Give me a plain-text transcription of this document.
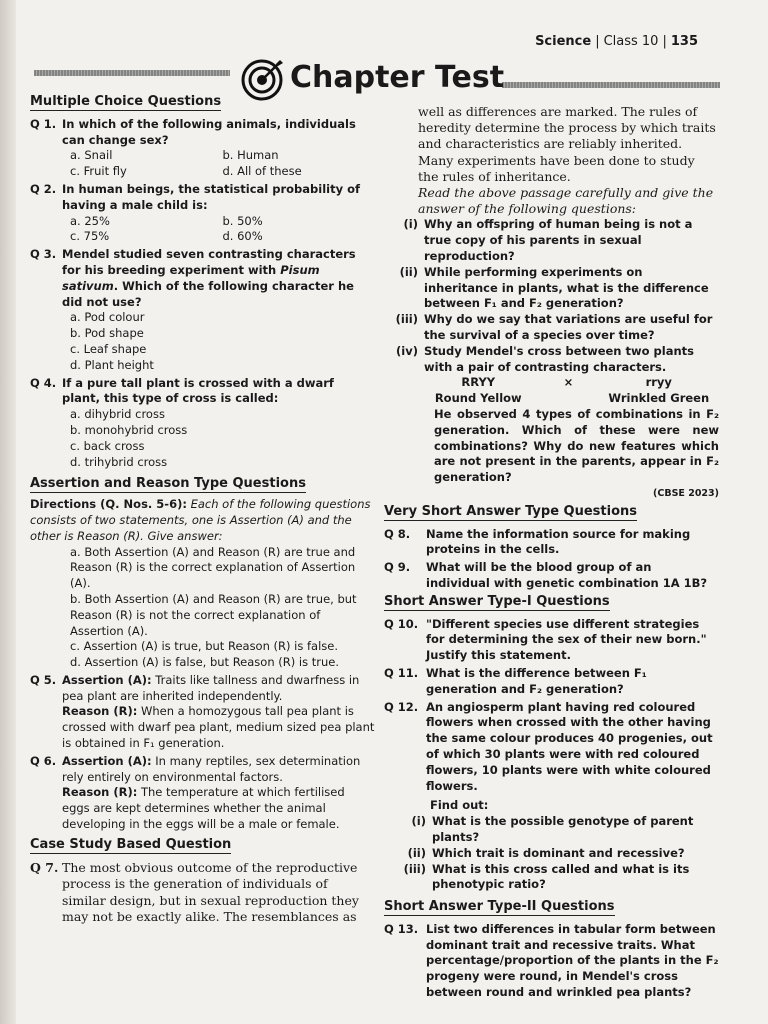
Science | Class 10 | 135
Chapter Test
Multiple Choice Questions
Q 1. In which of the following animals, individuals can change sex?
a. Snail	b. Human
c. Fruit fly	d. All of these
Q 2. In human beings, the statistical probability of having a male child is:
a. 25%	b. 50%
c. 75%	d. 60%
Q 3. Mendel studied seven contrasting characters for his breeding experiment with Pisum sativum. Which of the following character he did not use?
a. Pod colour
b. Pod shape
c. Leaf shape
d. Plant height
Q 4. If a pure tall plant is crossed with a dwarf plant, this type of cross is called:
a. dihybrid cross
b. monohybrid cross
c. back cross
d. trihybrid cross
Assertion and Reason Type Questions
Directions (Q. Nos. 5-6): Each of the following questions consists of two statements, one is Assertion (A) and the other is Reason (R). Give answer:
a. Both Assertion (A) and Reason (R) are true and Reason (R) is the correct explanation of Assertion (A).
b. Both Assertion (A) and Reason (R) are true, but Reason (R) is not the correct explanation of Assertion (A).
c. Assertion (A) is true, but Reason (R) is false.
d. Assertion (A) is false, but Reason (R) is true.
Q 5. Assertion (A): Traits like tallness and dwarfness in pea plant are inherited independently.
Reason (R): When a homozygous tall pea plant is crossed with dwarf pea plant, medium sized pea plant is obtained in F₁ generation.
Q 6. Assertion (A): In many reptiles, sex determination rely entirely on environmental factors.
Reason (R): The temperature at which fertilised eggs are kept determines whether the animal developing in the eggs will be a male or female.
Case Study Based Question
Q 7. The most obvious outcome of the reproductive process is the generation of individuals of similar design, but in sexual reproduction they may not be exactly alike. The resemblances as
well as differences are marked. The rules of heredity determine the process by which traits and characteristics are reliably inherited. Many experiments have been done to study the rules of inheritance.
Read the above passage carefully and give the answer of the following questions:
(i) Why an offspring of human being is not a true copy of his parents in sexual reproduction?
(ii) While performing experiments on inheritance in plants, what is the difference between F₁ and F₂ generation?
(iii) Why do we say that variations are useful for the survival of a species over time?
(iv) Study Mendel's cross between two plants with a pair of contrasting characters.
RRYY	×	rryy
Round Yellow	Wrinkled Green
He observed 4 types of combinations in F₂ generation. Which of these were new combinations? Why do new features which are not present in the parents, appear in F₂ generation?
(CBSE 2023)
Very Short Answer Type Questions
Q 8.	Name the information source for making proteins in the cells.
Q 9.	What will be the blood group of an individual with genetic combination 1A 1B?
Short Answer Type-I Questions
Q 10. "Different species use different strategies for determining the sex of their new born." Justify this statement.
Q 11. What is the difference between F₁ generation and F₂ generation?
Q 12. An angiosperm plant having red coloured flowers when crossed with the other having the same colour produces 40 progenies, out of which 30 plants were with red coloured flowers, 10 plants were with white coloured flowers.
Find out:
(i) What is the possible genotype of parent plants?
(ii) Which trait is dominant and recessive?
(iii) What is this cross called and what is its phenotypic ratio?
Short Answer Type-II Questions
Q 13. List two differences in tabular form between dominant trait and recessive traits. What percentage/proportion of the plants in the F₂ progeny were round, in Mendel's cross between round and wrinkled pea plants?
